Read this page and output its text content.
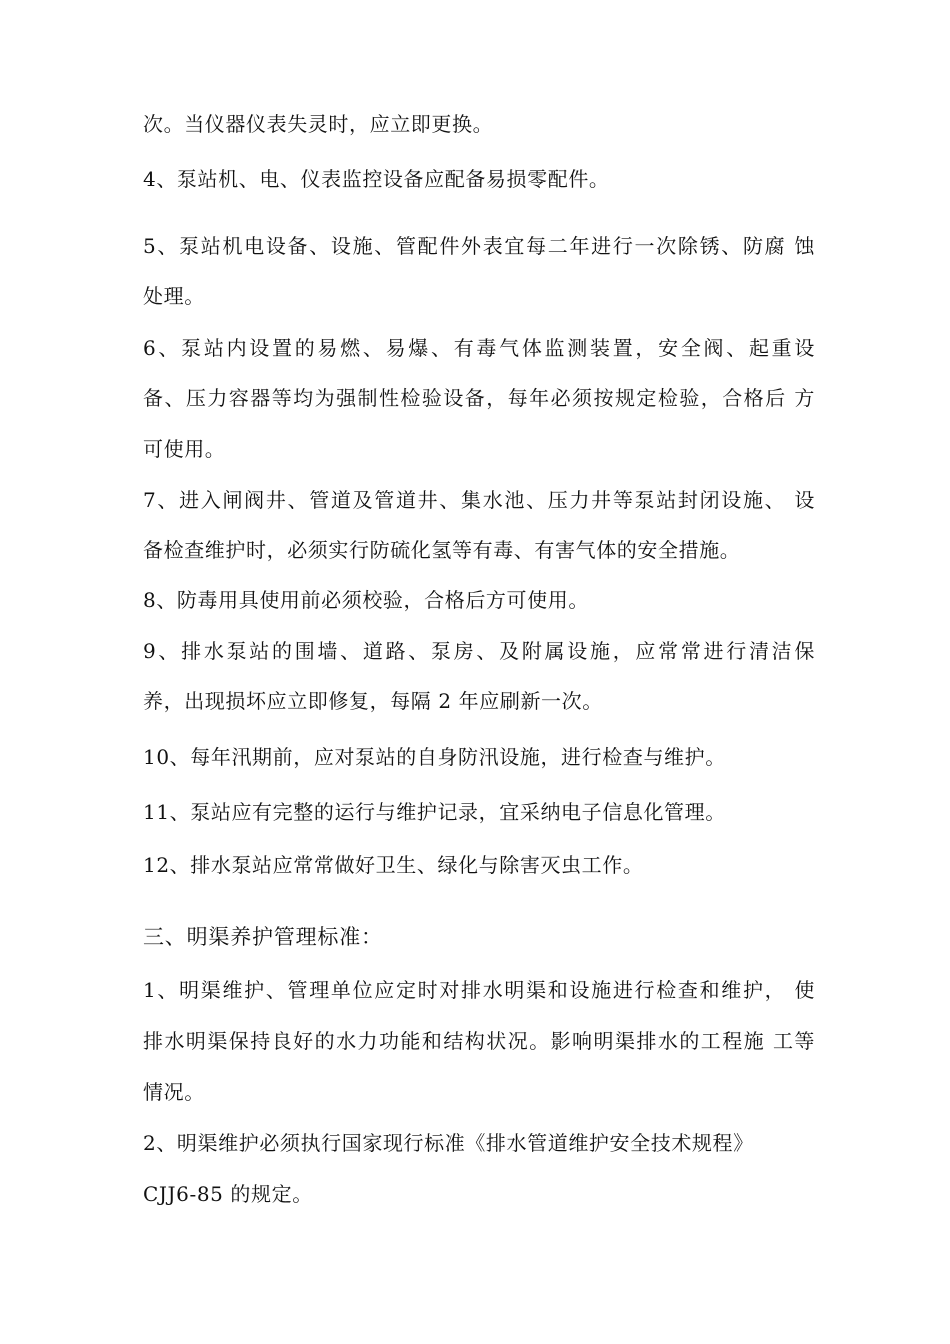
次。当仪器仪表失灵时，应立即更换。
4、泵站机、电、仪表监控设备应配备易损零配件。
5、泵站机电设备、设施、管配件外表宜每二年进行一次除锈、防腐 蚀
处理。
6、泵站内设置的易燃、易爆、有毒气体监测装置，安全阀、起重设
备、压力容器等均为强制性检验设备，每年必须按规定检验，合格后 方
可使用。
7、进入闸阀井、管道及管道井、集水池、压力井等泵站封闭设施、 设
备检查维护时，必须实行防硫化氢等有毒、有害气体的安全措施。
8、防毒用具使用前必须校验，合格后方可使用。
9、排水泵站的围墙、道路、泵房、及附属设施，应常常进行清洁保
养，出现损坏应立即修复，每隔 2 年应刷新一次。
10、每年汛期前，应对泵站的自身防汛设施，进行检查与维护。
11、泵站应有完整的运行与维护记录，宜采纳电子信息化管理。
12、排水泵站应常常做好卫生、绿化与除害灭虫工作。
三、明渠养护管理标准：
1、明渠维护、管理单位应定时对排水明渠和设施进行检查和维护， 使
排水明渠保持良好的水力功能和结构状况。影响明渠排水的工程施 工等
情况。
2、明渠维护必须执行国家现行标准《排水管道维护安全技术规程》
CJJ6-85 的规定。
